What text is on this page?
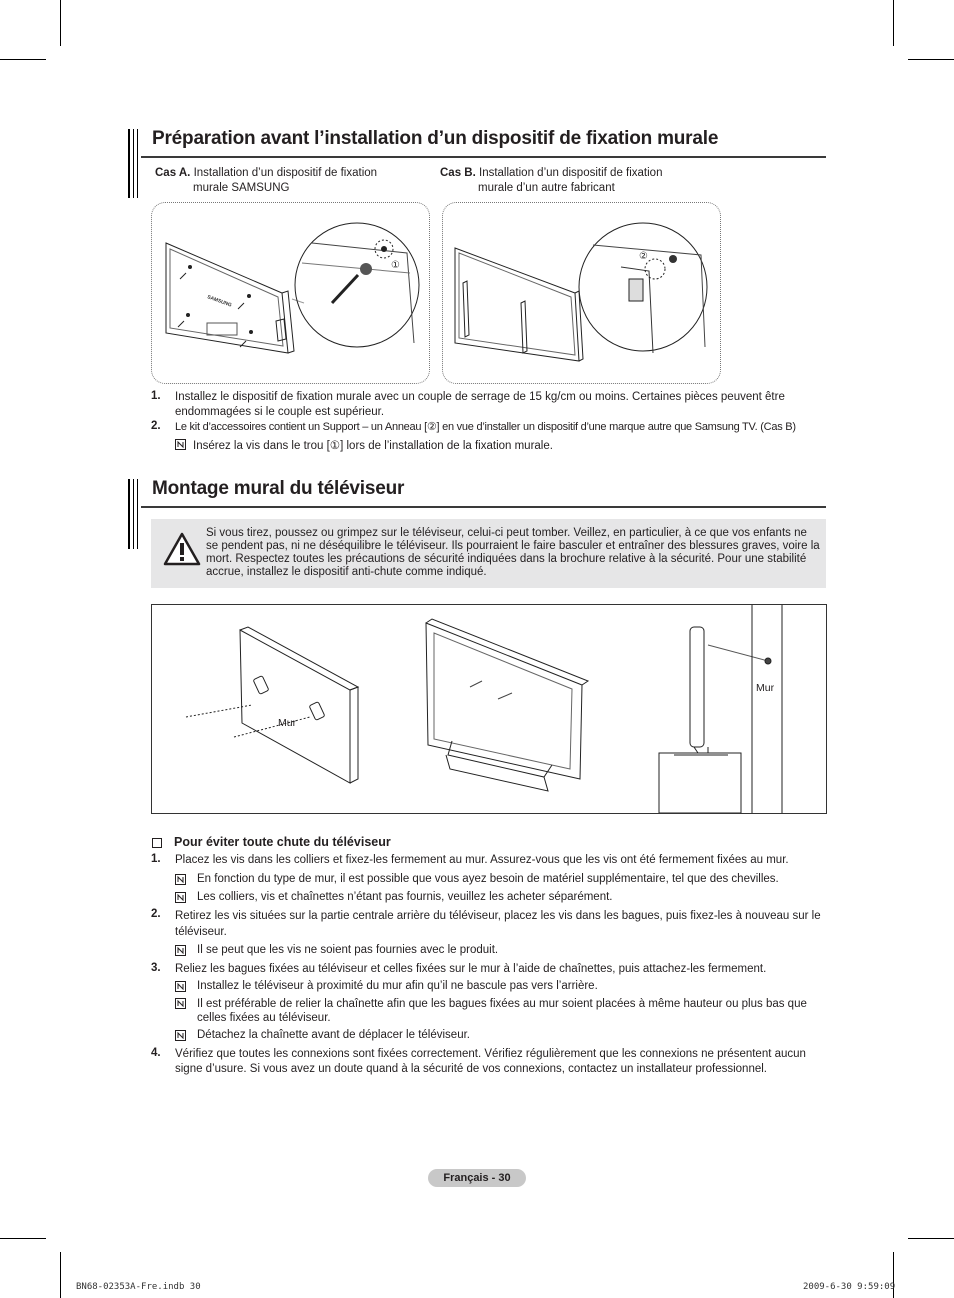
Préparation avant l’installation d’un dispositif de fixation murale
Cas A. Installation d’un dispositif de fixation
murale SAMSUNG
Cas B. Installation d’un dispositif de fixation
murale d’un autre fabricant
SAMSUNG
①
②
1. Installez le dispositif de fixation murale avec un couple de serrage de 15 kg/cm ou moins. Certaines pièces peuvent être endommagées si le couple est supérieur.
2. Le kit d’accessoires contient un Support – un Anneau [②] en vue d’installer un dispositif d’une marque autre que Samsung TV. (Cas B)
Insérez la vis dans le trou [①] lors de l’installation de la fixation murale.
Montage mural du téléviseur
Si vous tirez, poussez ou grimpez sur le téléviseur, celui-ci peut tomber. Veillez, en particulier, à ce que vos enfants ne se pendent pas, ni ne déséquilibre le téléviseur. Ils pourraient le faire basculer et entraîner des blessures graves, voire la mort. Respectez toutes les précautions de sécurité indiquées dans la brochure relative à la sécurité. Pour une stabilité accrue, installez le dispositif anti-chute comme indiqué.
Mur
Mur
Pour éviter toute chute du téléviseur
1. Placez les vis dans les colliers et fixez-les fermement au mur. Assurez-vous que les vis ont été fermement fixées au mur.
En fonction du type de mur, il est possible que vous ayez besoin de matériel supplémentaire, tel que des chevilles.
Les colliers, vis et chaînettes n’étant pas fournis, veuillez les acheter séparément.
2. Retirez les vis situées sur la partie centrale arrière du téléviseur, placez les vis dans les bagues, puis fixez-les à nouveau sur le téléviseur.
Il se peut que les vis ne soient pas fournies avec le produit.
3. Reliez les bagues fixées au téléviseur et celles fixées sur le mur à l’aide de chaînettes, puis attachez-les fermement.
Installez le téléviseur à proximité du mur afin qu’il ne bascule pas vers l’arrière.
Il est préférable de relier la chaînette afin que les bagues fixées au mur soient placées à même hauteur ou plus bas que celles fixées au téléviseur.
Détachez la chaînette avant de déplacer le téléviseur.
4. Vérifiez que toutes les connexions sont fixées correctement. Vérifiez régulièrement que les connexions ne présentent aucun signe d’usure. Si vous avez un doute quand à la sécurité de vos connexions, contactez un installateur professionnel.
Français - 30
BN68-02353A-Fre.indb 30	2009-6-30 9:59:09
